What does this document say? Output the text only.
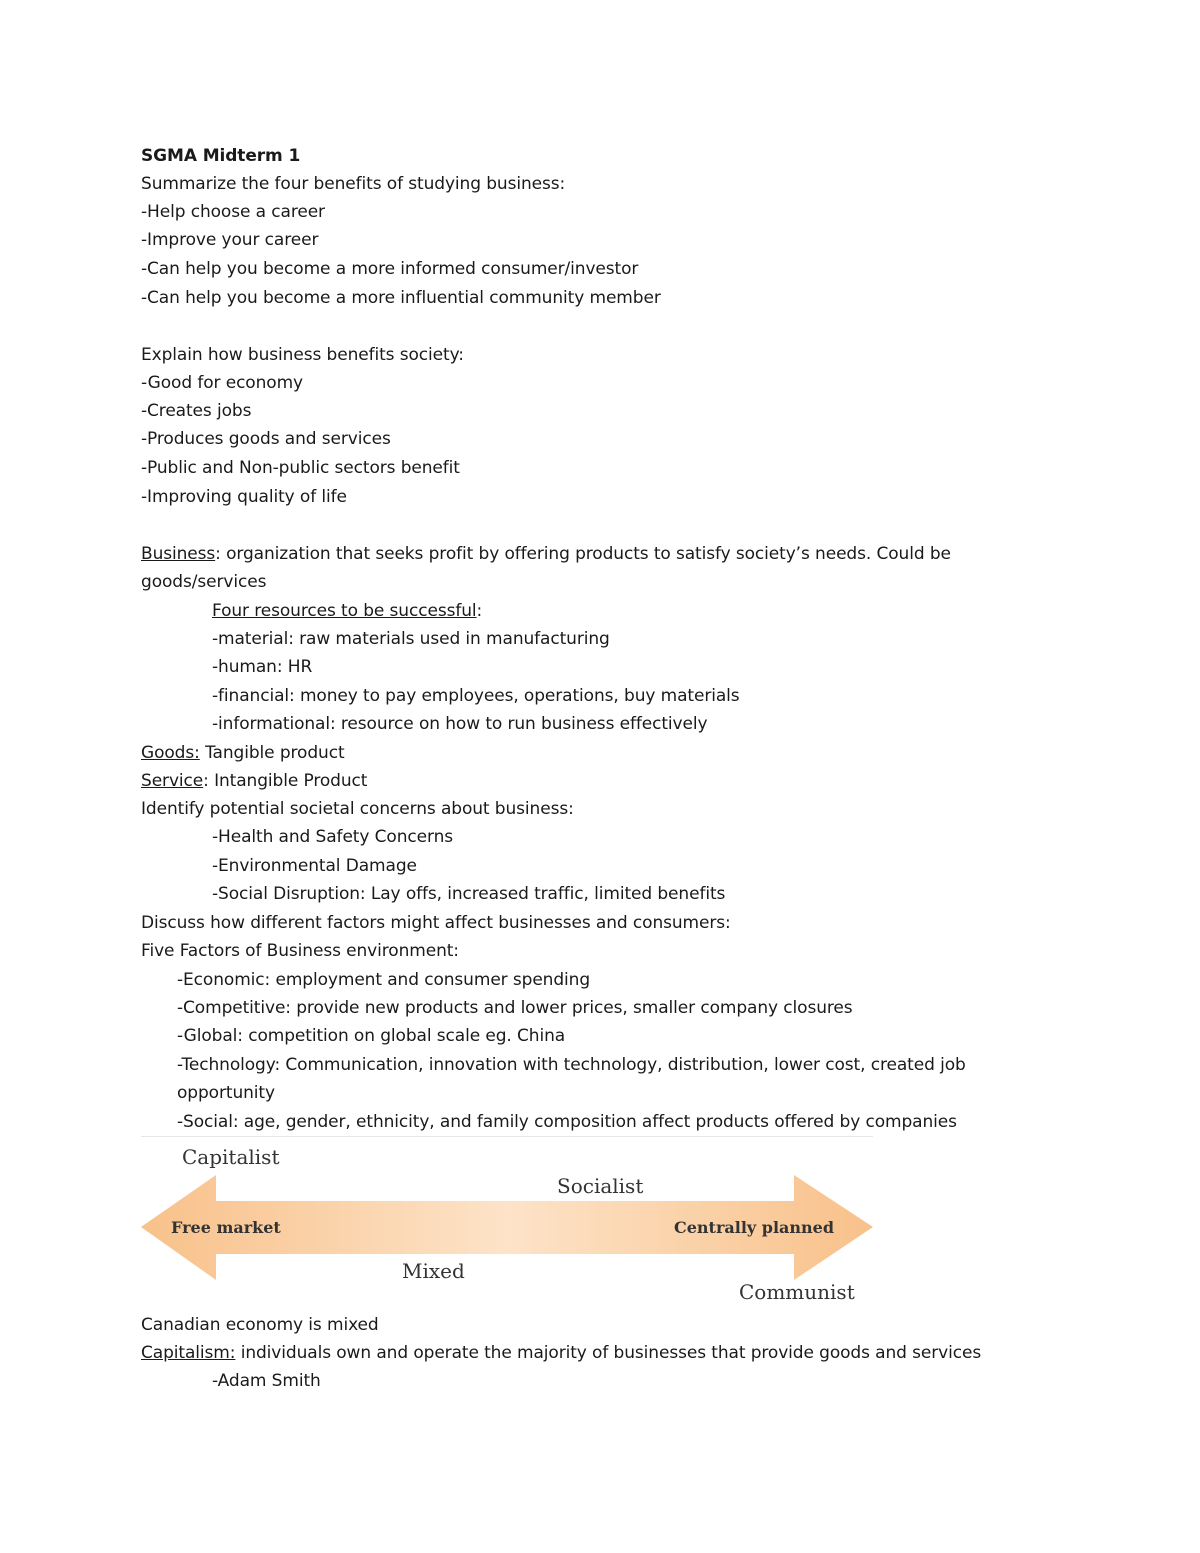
SGMA Midterm 1
Summarize the four benefits of studying business:
-Help choose a career
-Improve your career
-Can help you become a more informed consumer/investor
-Can help you become a more influential community member
Explain how business benefits society:
-Good for economy
-Creates jobs
-Produces goods and services
-Public and Non-public sectors benefit
-Improving quality of life
Business: organization that seeks profit by offering products to satisfy society’s needs. Could be
goods/services
Four resources to be successful:
-material: raw materials used in manufacturing
-human: HR
-financial: money to pay employees, operations, buy materials
-informational: resource on how to run business effectively
Goods: Tangible product
Service: Intangible Product
Identify potential societal concerns about business:
-Health and Safety Concerns
-Environmental Damage
-Social Disruption: Lay offs, increased traffic, limited benefits
Discuss how different factors might affect businesses and consumers:
Five Factors of Business environment:
-Economic: employment and consumer spending
-Competitive: provide new products and lower prices, smaller company closures
-Global: competition on global scale eg. China
-Technology: Communication, innovation with technology, distribution, lower cost, created job
opportunity
-Social: age, gender, ethnicity, and family composition affect products offered by companies
Capitalist
Socialist
Free market	Centrally planned
Mixed
Communist
Canadian economy is mixed
Capitalism: individuals own and operate the majority of businesses that provide goods and services
-Adam Smith
